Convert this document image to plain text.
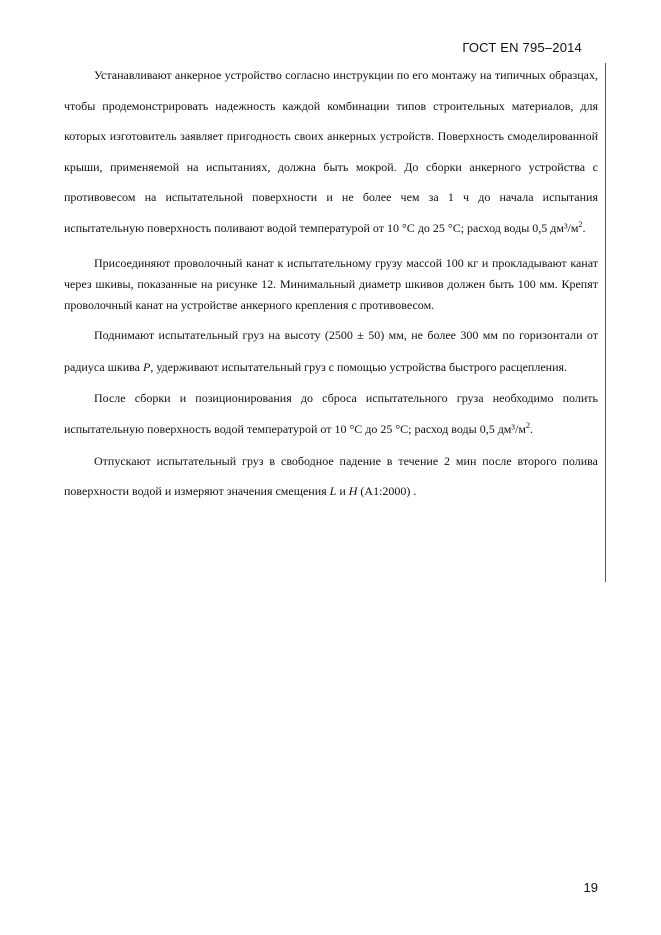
ГОСТ EN 795–2014

Устанавливают анкерное устройство согласно инструкции по его монтажу на типичных образцах, чтобы продемонстрировать надежность каждой комбинации типов строительных материалов, для которых изготовитель заявляет пригодность своих анкерных устройств. Поверхность смоделированной крыши, применяемой на испытаниях, должна быть мокрой. До сборки анкерного устройства с противовесом на испытательной поверхности и не более чем за 1 ч до начала испытания испытательную поверхность поливают водой температурой от 10 °С до 25 °С; расход воды 0,5 дм³/$м^2$.

Присоединяют проволочный канат к испытательному грузу массой 100 кг и прокладывают канат через шкивы, показанные на рисунке 12. Минимальный диаметр шкивов должен быть 100 мм. Крепят проволочный канат на устройстве анкерного крепления с противовесом.

Поднимают испытательный груз на высоту (2500 ± 50) мм, не более 300 мм по горизонтали от радиуса шкива P, удерживают испытательный груз с помощью устройства быстрого расцепления.

После сборки и позиционирования до сброса испытательного груза необходимо полить испытательную поверхность водой температурой от 10 °С до 25 °С; расход воды 0,5 дм³/$м^2$.

Отпускают испытательный груз в свободное падение в течение 2 мин после второго полива поверхности водой и измеряют значения смещения L и H (А1:2000) .

19
